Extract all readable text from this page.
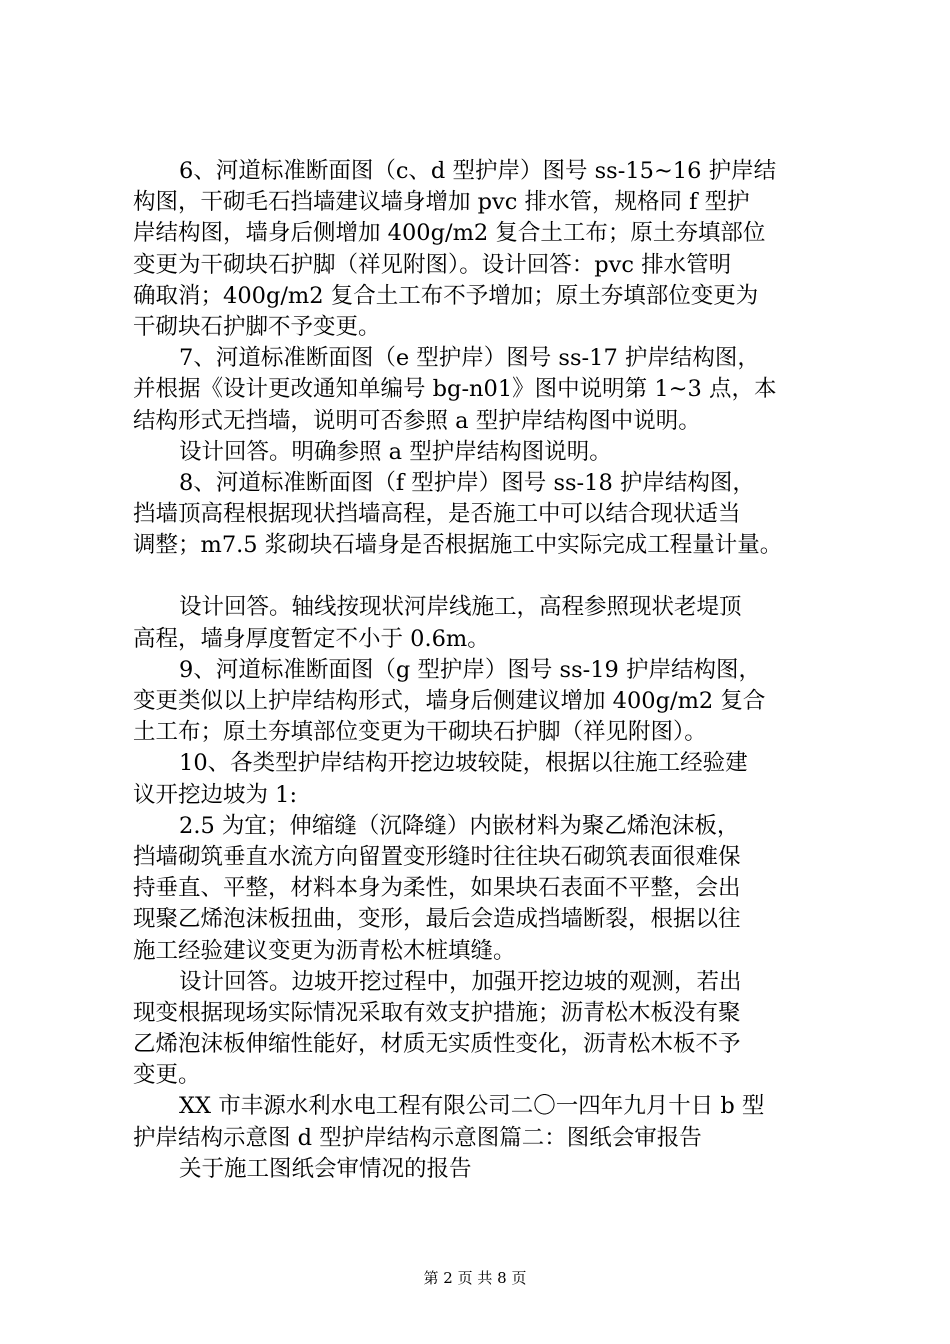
6、河道标准断面图（c、d 型护岸）图号 ss-15~16 护岸结
构图，干砌毛石挡墙建议墙身增加 pvc 排水管，规格同 f 型护
岸结构图，墙身后侧增加 400g/m2 复合土工布；原土夯填部位
变更为干砌块石护脚（祥见附图）。设计回答：pvc 排水管明
确取消；400g/m2 复合土工布不予增加；原土夯填部位变更为
干砌块石护脚不予变更。
7、河道标准断面图（e 型护岸）图号 ss-17 护岸结构图，
并根据《设计更改通知单编号 bg-n01》图中说明第 1~3 点，本
结构形式无挡墙，说明可否参照 a 型护岸结构图中说明。
设计回答。明确参照 a 型护岸结构图说明。
8、河道标准断面图（f 型护岸）图号 ss-18 护岸结构图，
挡墙顶高程根据现状挡墙高程，是否施工中可以结合现状适当
调整；m7.5 浆砌块石墙身是否根据施工中实际完成工程量计量。
设计回答。轴线按现状河岸线施工，高程参照现状老堤顶
高程，墙身厚度暂定不小于 0.6m。
9、河道标准断面图（g 型护岸）图号 ss-19 护岸结构图，
变更类似以上护岸结构形式，墙身后侧建议增加 400g/m2 复合
土工布；原土夯填部位变更为干砌块石护脚（祥见附图）。
10、各类型护岸结构开挖边坡较陡，根据以往施工经验建
议开挖边坡为 1:
2.5 为宜；伸缩缝（沉降缝）内嵌材料为聚乙烯泡沫板，
挡墙砌筑垂直水流方向留置变形缝时往往块石砌筑表面很难保
持垂直、平整，材料本身为柔性，如果块石表面不平整，会出
现聚乙烯泡沫板扭曲，变形，最后会造成挡墙断裂，根据以往
施工经验建议变更为沥青松木桩填缝。
设计回答。边坡开挖过程中，加强开挖边坡的观测，若出
现变根据现场实际情况采取有效支护措施；沥青松木板没有聚
乙烯泡沫板伸缩性能好，材质无实质性变化，沥青松木板不予
变更。
XX 市丰源水利水电工程有限公司二〇一四年九月十日 b 型
护岸结构示意图 d 型护岸结构示意图篇二：图纸会审报告
关于施工图纸会审情况的报告
第 2 页 共 8 页
